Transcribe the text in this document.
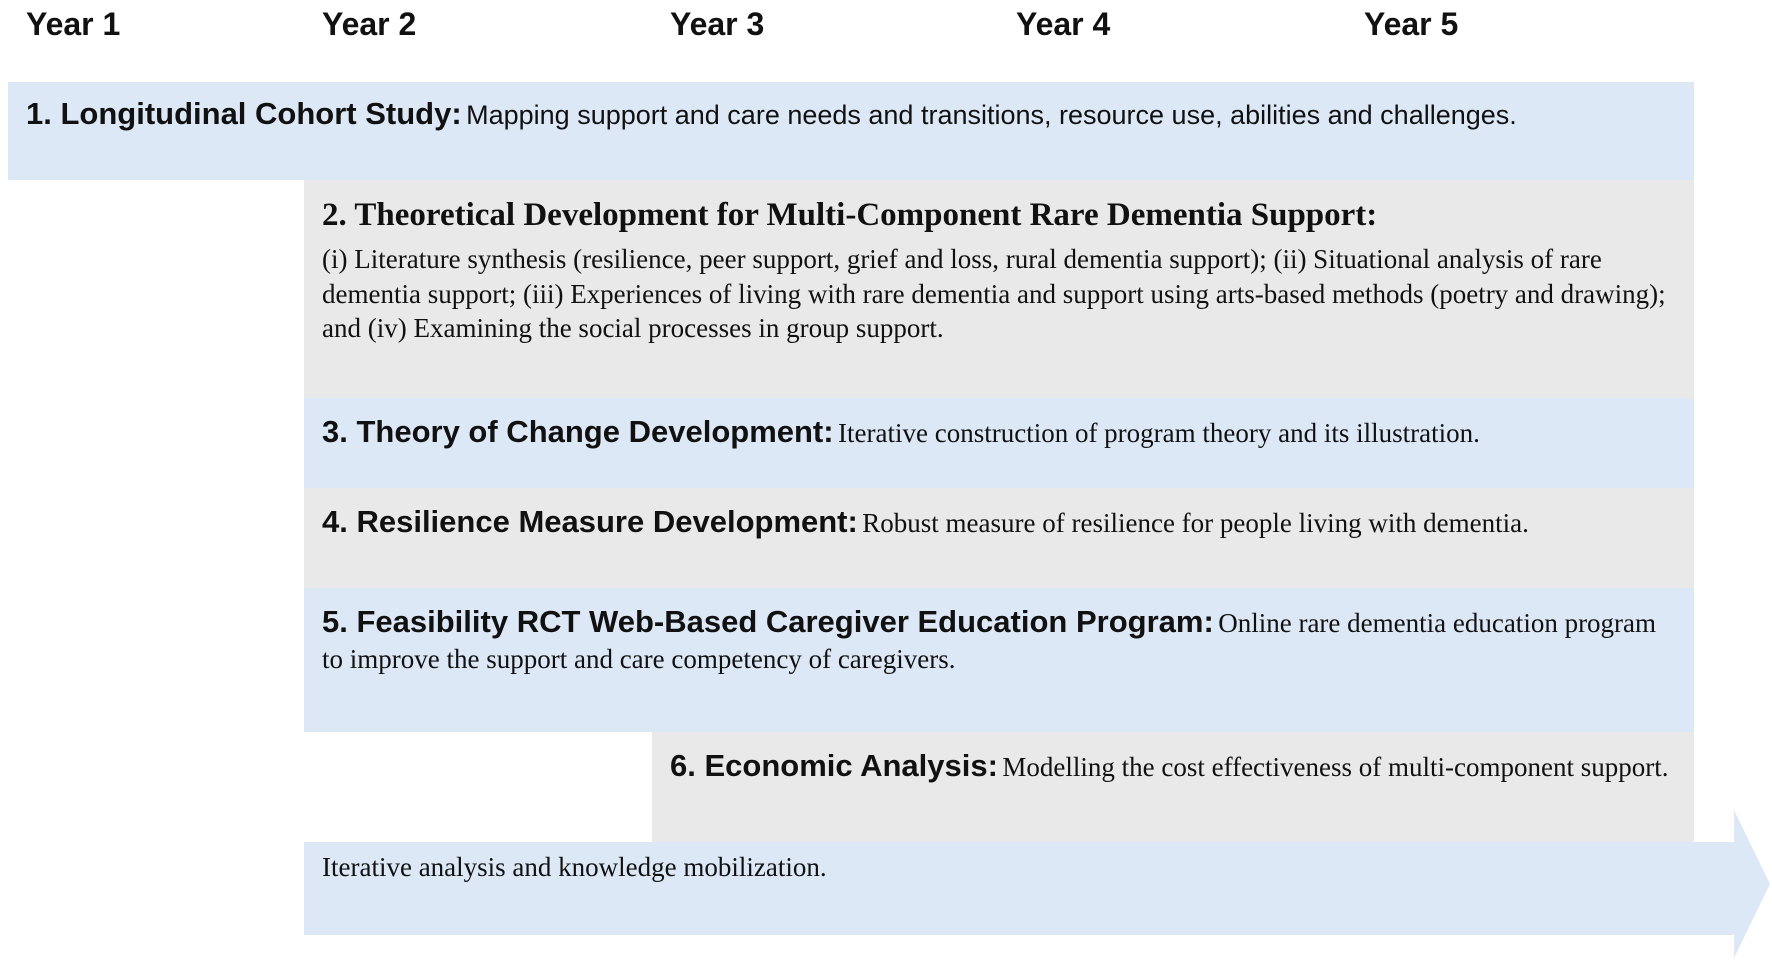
Year 1	Year 2	Year 3	Year 4	Year 5
1. Longitudinal Cohort Study: Mapping support and care needs and transitions, resource use, abilities and challenges.
2. Theoretical Development for Multi-Component Rare Dementia Support:
(i) Literature synthesis (resilience, peer support, grief and loss, rural dementia support); (ii) Situational analysis of rare dementia support; (iii) Experiences of living with rare dementia and support using arts-based methods (poetry and drawing); and (iv) Examining the social processes in group support.
3. Theory of Change Development: Iterative construction of program theory and its illustration.
4. Resilience Measure Development: Robust measure of resilience for people living with dementia.
5. Feasibility RCT Web-Based Caregiver Education Program: Online rare dementia education program to improve the support and care competency of caregivers.
6. Economic Analysis: Modelling the cost effectiveness of multi-component support.
Iterative analysis and knowledge mobilization.
